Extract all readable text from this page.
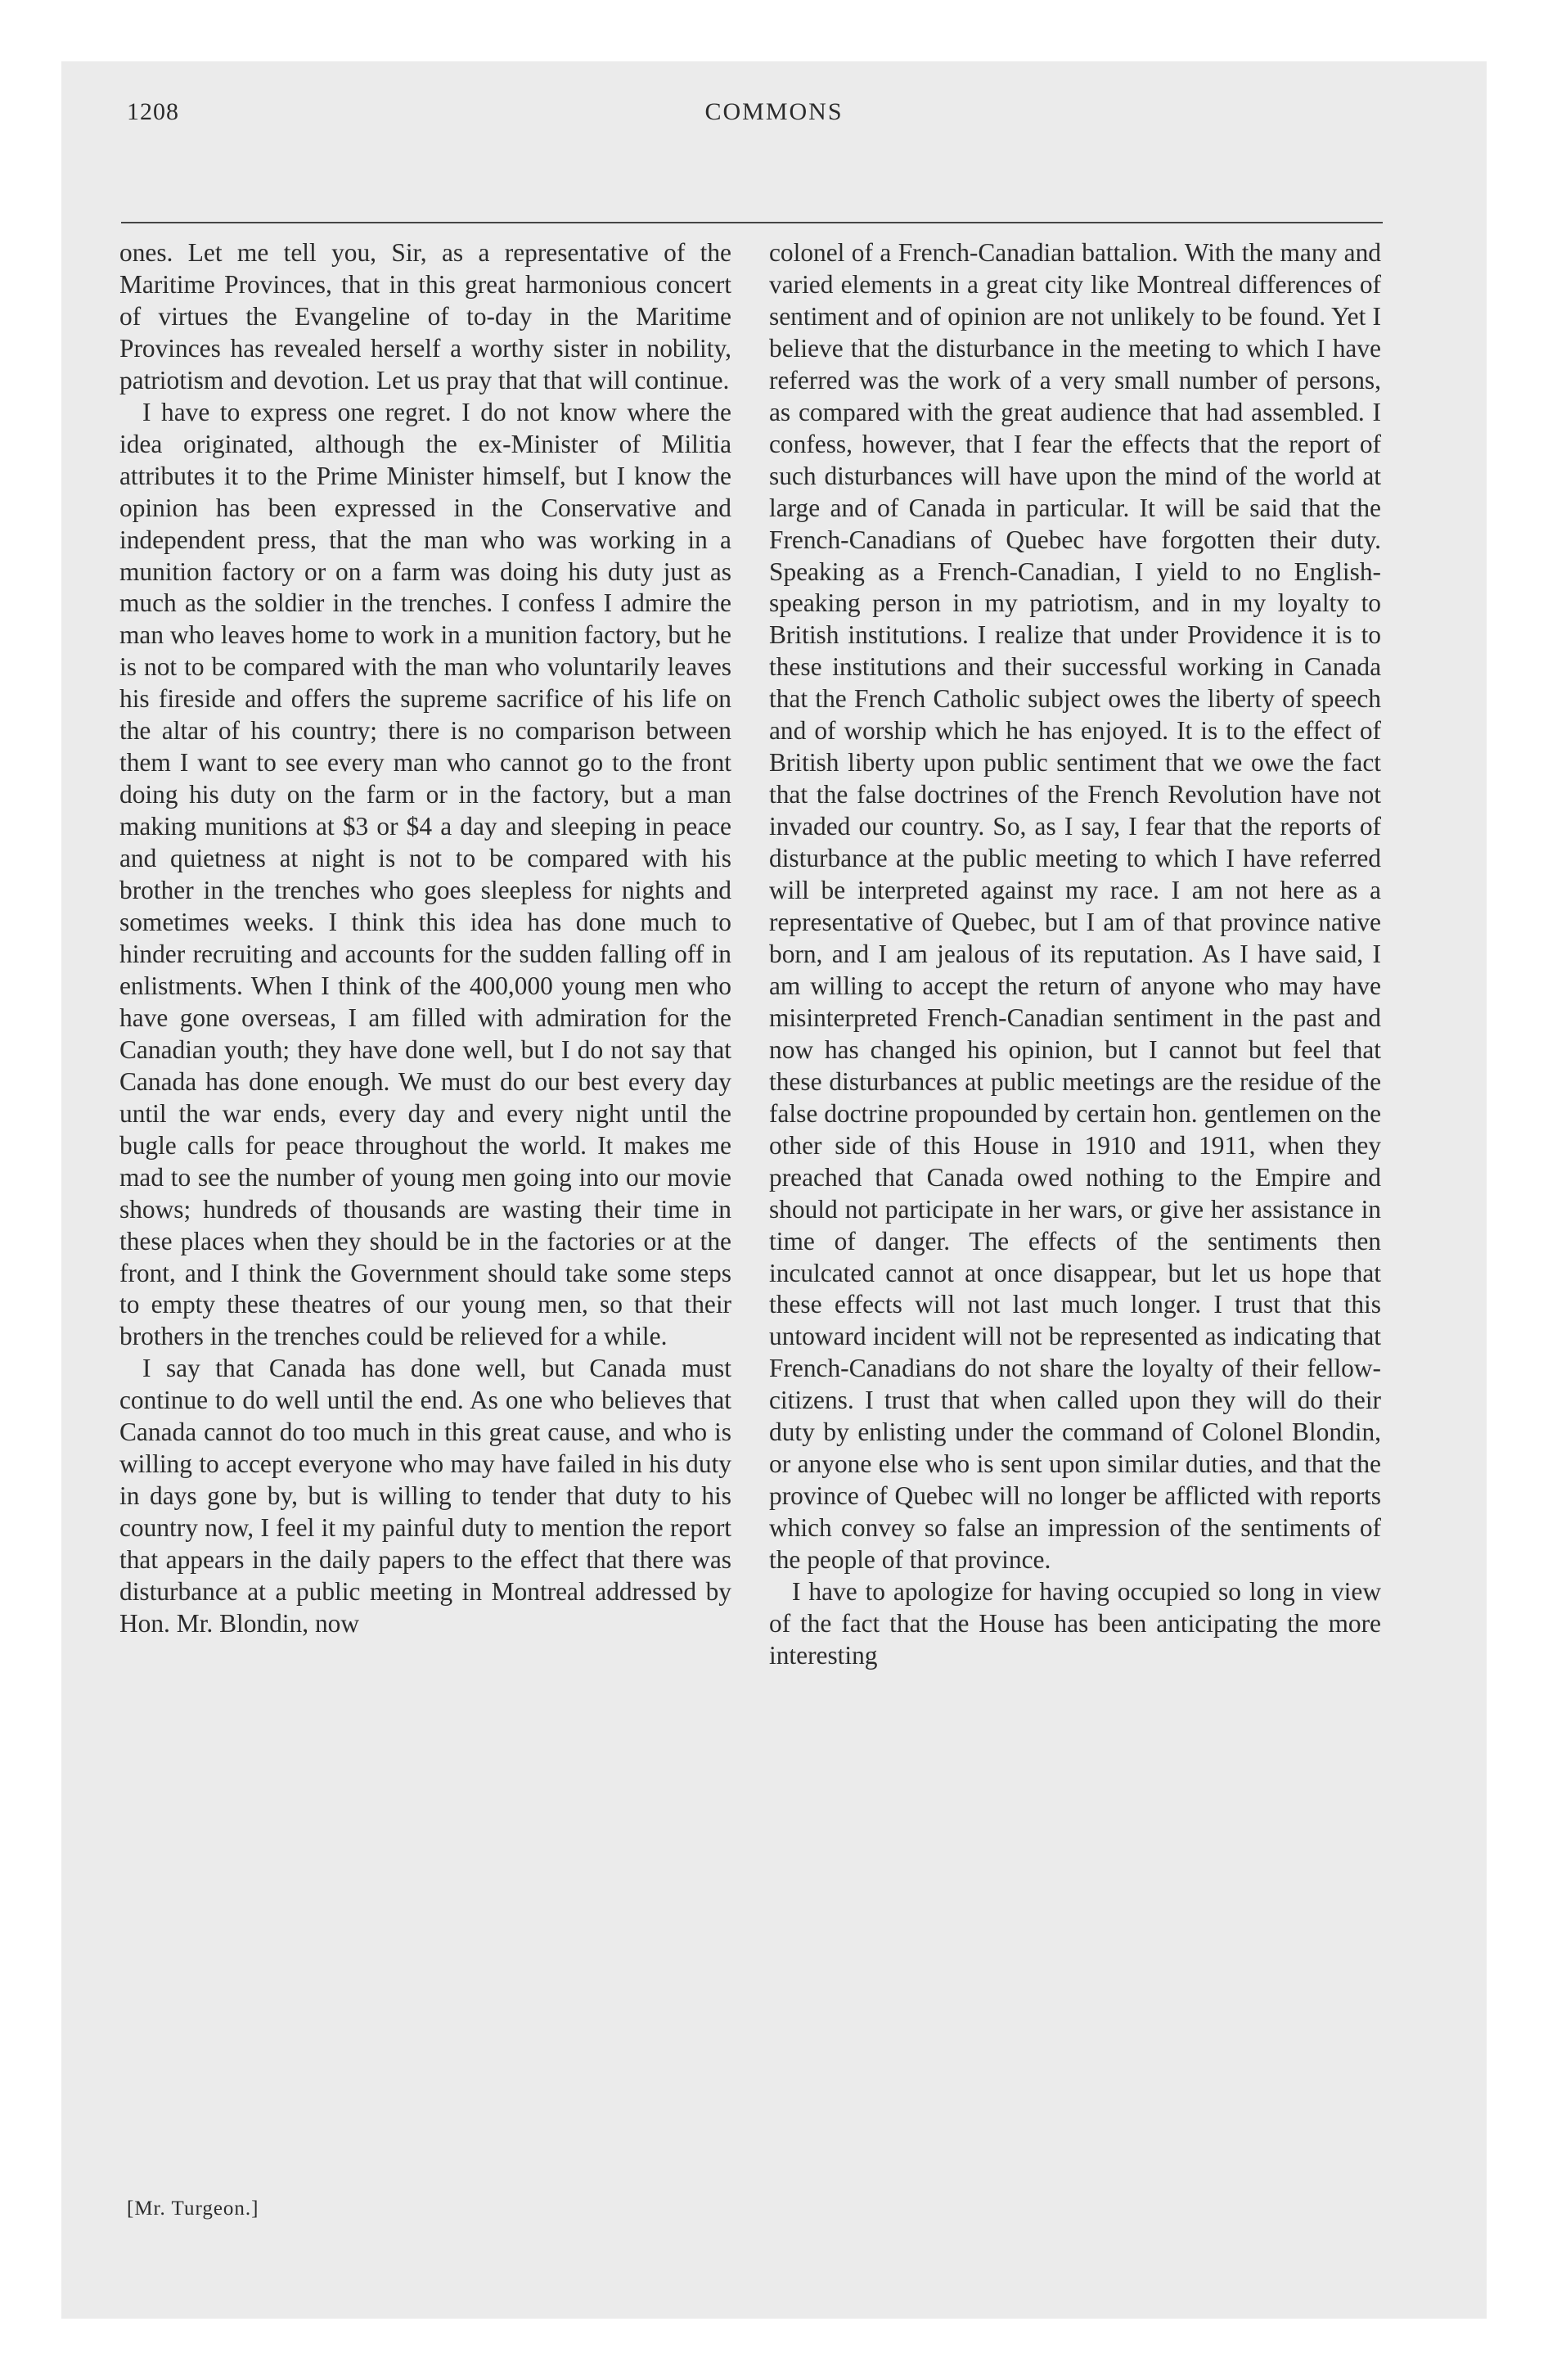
1208	COMMONS

ones. Let me tell you, Sir, as a representative of the Maritime Provinces, that in this great harmonious concert of virtues the Evangeline of to-day in the Maritime Provinces has revealed herself a worthy sister in nobility, patriotism and devotion. Let us pray that that will continue.

I have to express one regret. I do not know where the idea originated, although the ex-Minister of Militia attributes it to the Prime Minister himself, but I know the opinion has been expressed in the Conservative and independent press, that the man who was working in a munition factory or on a farm was doing his duty just as much as the soldier in the trenches. I confess I admire the man who leaves home to work in a munition factory, but he is not to be compared with the man who voluntarily leaves his fireside and offers the supreme sacrifice of his life on the altar of his country; there is no comparison between them I want to see every man who cannot go to the front doing his duty on the farm or in the factory, but a man making munitions at $3 or $4 a day and sleeping in peace and quietness at night is not to be compared with his brother in the trenches who goes sleepless for nights and sometimes weeks. I think this idea has done much to hinder recruiting and accounts for the sudden falling off in enlistments. When I think of the 400,000 young men who have gone overseas, I am filled with admiration for the Canadian youth; they have done well, but I do not say that Canada has done enough. We must do our best every day until the war ends, every day and every night until the bugle calls for peace throughout the world. It makes me mad to see the number of young men going into our movie shows; hundreds of thousands are wasting their time in these places when they should be in the factories or at the front, and I think the Government should take some steps to empty these theatres of our young men, so that their brothers in the trenches could be relieved for a while.

I say that Canada has done well, but Canada must continue to do well until the end. As one who believes that Canada cannot do too much in this great cause, and who is willing to accept everyone who may have failed in his duty in days gone by, but is willing to tender that duty to his country now, I feel it my painful duty to mention the report that appears in the daily papers to the effect that there was disturbance at a public meeting in Montreal addressed by Hon. Mr. Blondin, now

colonel of a French-Canadian battalion. With the many and varied elements in a great city like Montreal differences of sentiment and of opinion are not unlikely to be found. Yet I believe that the disturbance in the meeting to which I have referred was the work of a very small number of persons, as compared with the great audience that had assembled. I confess, however, that I fear the effects that the report of such disturbances will have upon the mind of the world at large and of Canada in particular. It will be said that the French-Canadians of Quebec have forgotten their duty. Speaking as a French-Canadian, I yield to no English-speaking person in my patriotism, and in my loyalty to British institutions. I realize that under Providence it is to these institutions and their successful working in Canada that the French Catholic subject owes the liberty of speech and of worship which he has enjoyed. It is to the effect of British liberty upon public sentiment that we owe the fact that the false doctrines of the French Revolution have not invaded our country. So, as I say, I fear that the reports of disturbance at the public meeting to which I have referred will be interpreted against my race. I am not here as a representative of Quebec, but I am of that province native born, and I am jealous of its reputation. As I have said, I am willing to accept the return of anyone who may have misinterpreted French-Canadian sentiment in the past and now has changed his opinion, but I cannot but feel that these disturbances at public meetings are the residue of the false doctrine propounded by certain hon. gentlemen on the other side of this House in 1910 and 1911, when they preached that Canada owed nothing to the Empire and should not participate in her wars, or give her assistance in time of danger. The effects of the sentiments then inculcated cannot at once disappear, but let us hope that these effects will not last much longer. I trust that this untoward incident will not be represented as indicating that French-Canadians do not share the loyalty of their fellow-citizens. I trust that when called upon they will do their duty by enlisting under the command of Colonel Blondin, or anyone else who is sent upon similar duties, and that the province of Quebec will no longer be afflicted with reports which convey so false an impression of the sentiments of the people of that province.

I have to apologize for having occupied so long in view of the fact that the House has been anticipating the more interesting

[Mr. Turgeon.]
